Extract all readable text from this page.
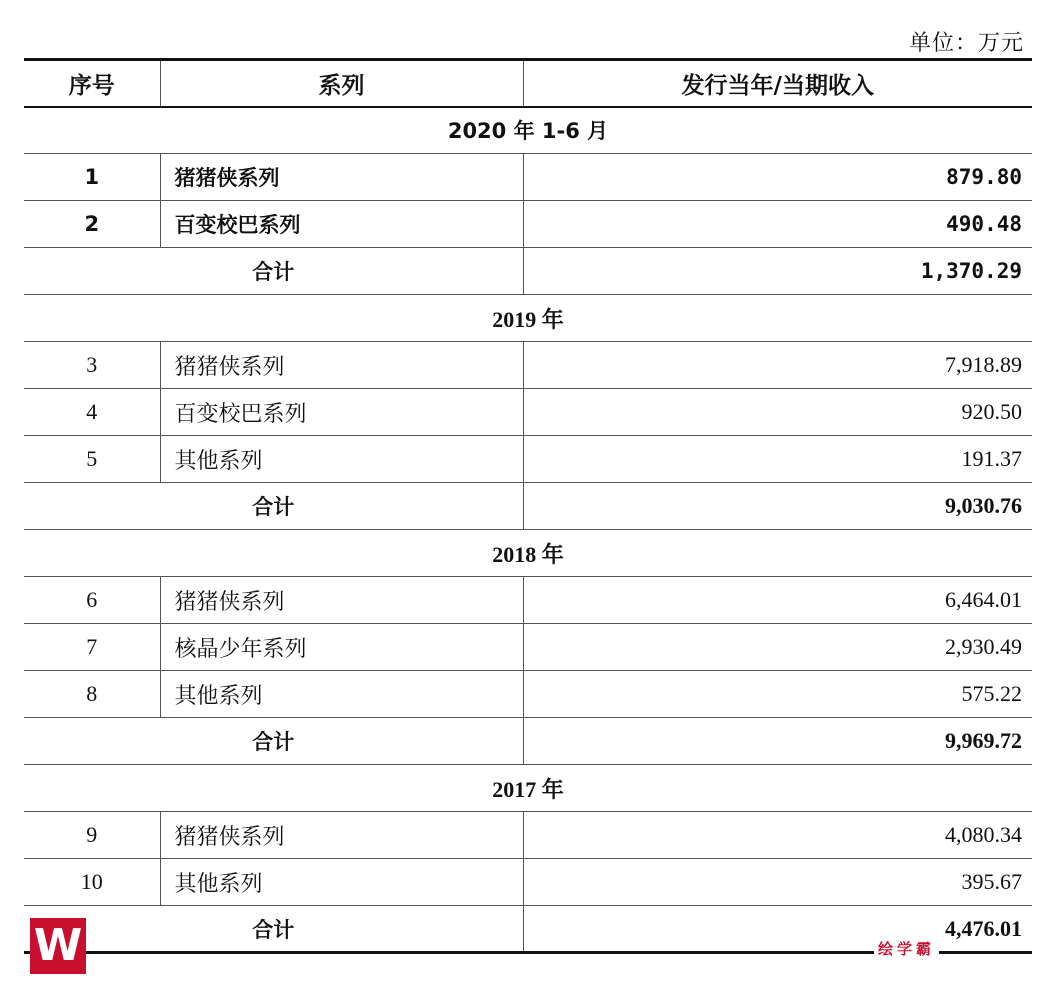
单位：万元
序号	系列	发行当年/当期收入
2020 年 1-6 月		
1	猪猪侠系列	879.80
2	百变校巴系列	490.48
合计		1,370.29
2019 年		
3	猪猪侠系列	7,918.89
4	百变校巴系列	920.50
5	其他系列	191.37
合计		9,030.76
2018 年		
6	猪猪侠系列	6,464.01
7	核晶少年系列	2,930.49
8	其他系列	575.22
合计		9,969.72
2017 年		
9	猪猪侠系列	4,080.34
10	其他系列	395.67
合计		4,476.01
W	绘学霸
